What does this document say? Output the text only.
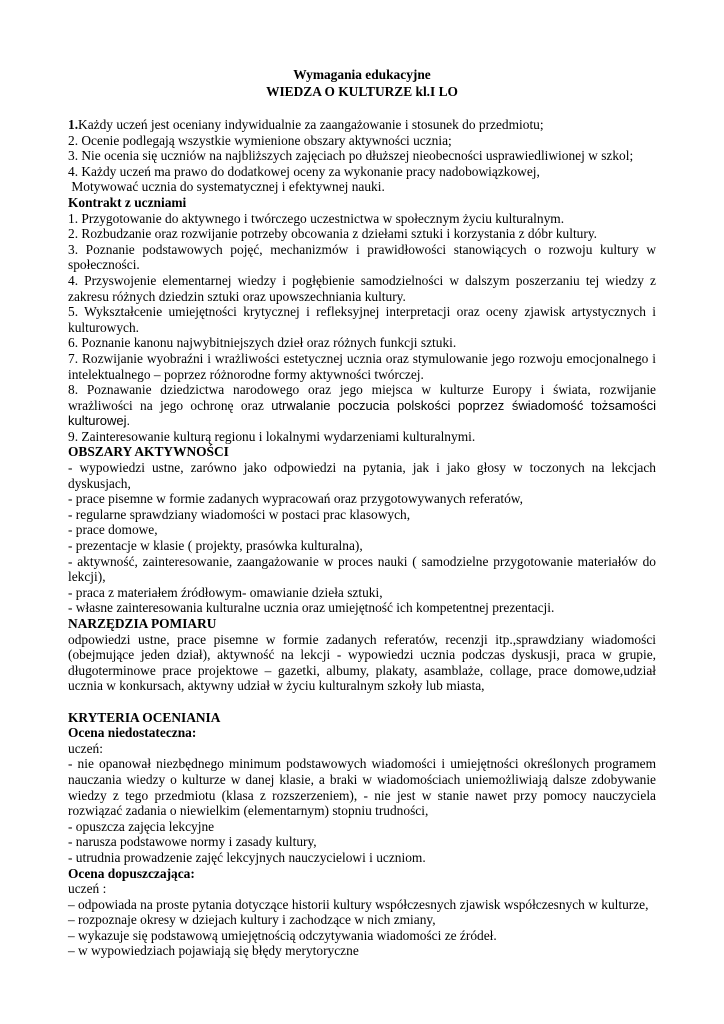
Wymagania edukacyjne
WIEDZA O KULTURZE kl.I LO

1.Każdy uczeń jest oceniany indywidualnie za zaangażowanie i stosunek do przedmiotu;

2. Ocenie podlegają wszystkie wymienione obszary aktywności ucznia;

3. Nie ocenia się uczniów na najbliższych zajęciach po dłuższej nieobecności usprawiedliwionej w szkol;

4. Każdy uczeń ma prawo do dodatkowej oceny za wykonanie pracy nadobowiązkowej,

Motywować ucznia do systematycznej i efektywnej nauki.

Kontrakt z uczniami

1. Przygotowanie do aktywnego i twórczego uczestnictwa w społecznym życiu kulturalnym.

2. Rozbudzanie oraz rozwijanie potrzeby obcowania z dziełami sztuki i korzystania z dóbr kultury.

3. Poznanie podstawowych pojęć, mechanizmów i prawidłowości stanowiących o rozwoju kultury w społeczności.

4. Przyswojenie elementarnej wiedzy i pogłębienie samodzielności w dalszym poszerzaniu tej wiedzy z zakresu różnych dziedzin sztuki oraz upowszechniania kultury.

5. Wykształcenie umiejętności krytycznej i refleksyjnej interpretacji oraz oceny zjawisk artystycznych i kulturowych.

6. Poznanie kanonu najwybitniejszych dzieł oraz różnych funkcji sztuki.

7. Rozwijanie wyobraźni i wrażliwości estetycznej ucznia oraz stymulowanie jego rozwoju emocjonalnego i intelektualnego – poprzez różnorodne formy aktywności twórczej.

8. Poznawanie dziedzictwa narodowego oraz jego miejsca w kulturze Europy i świata, rozwijanie wrażliwości na jego ochronę oraz utrwalanie poczucia polskości poprzez świadomość tożsamości kulturowej.

9. Zainteresowanie kulturą regionu i lokalnymi wydarzeniami kulturalnymi.

OBSZARY AKTYWNOŚCI

- wypowiedzi ustne, zarówno jako odpowiedzi na pytania, jak i jako głosy w toczonych na lekcjach dyskusjach,

- prace pisemne w formie zadanych wypracowań oraz przygotowywanych referatów,

- regularne sprawdziany wiadomości w postaci prac klasowych,

- prace domowe,

- prezentacje w klasie ( projekty, prasówka kulturalna),

- aktywność, zainteresowanie, zaangażowanie w proces nauki ( samodzielne przygotowanie materiałów do lekcji),

- praca z materiałem źródłowym- omawianie dzieła sztuki,

- własne zainteresowania kulturalne ucznia oraz umiejętność ich kompetentnej prezentacji.

NARZĘDZIA POMIARU

odpowiedzi ustne, prace pisemne w formie zadanych referatów, recenzji itp.,sprawdziany wiadomości (obejmujące jeden dział), aktywność na lekcji - wypowiedzi ucznia podczas dyskusji, praca w grupie, długoterminowe prace projektowe – gazetki, albumy, plakaty, asamblaże, collage, prace domowe,udział ucznia w konkursach, aktywny udział w życiu kulturalnym szkoły lub miasta,

KRYTERIA OCENIANIA

Ocena niedostateczna:

uczeń:

- nie opanował niezbędnego minimum podstawowych wiadomości i umiejętności określonych programem nauczania wiedzy o kulturze w danej klasie, a braki w wiadomościach uniemożliwiają dalsze zdobywanie wiedzy z tego przedmiotu (klasa z rozszerzeniem), - nie jest w stanie nawet przy pomocy nauczyciela rozwiązać zadania o niewielkim (elementarnym) stopniu trudności,

- opuszcza zajęcia lekcyjne

- narusza podstawowe normy i zasady kultury,

- utrudnia prowadzenie zajęć lekcyjnych nauczycielowi i uczniom.

Ocena dopuszczająca:

uczeń :

– odpowiada na proste pytania dotyczące historii kultury współczesnych zjawisk współczesnych w kulturze,

– rozpoznaje okresy w dziejach kultury i zachodzące w nich zmiany,

– wykazuje się podstawową umiejętnością odczytywania wiadomości ze źródeł.

– w wypowiedziach pojawiają się błędy merytoryczne
